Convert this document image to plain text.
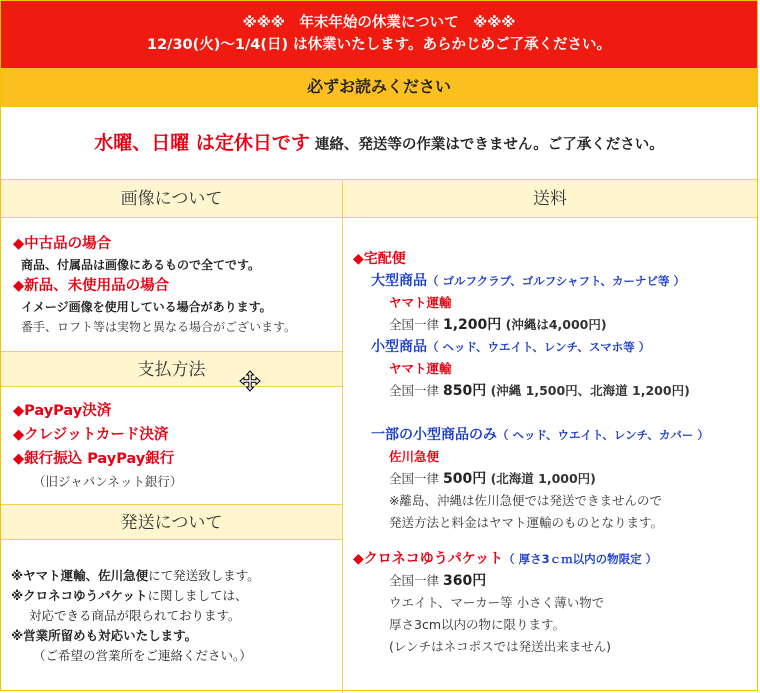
※※※　年末年始の休業について　※※※
12/30(火)～1/4(日) は休業いたします。あらかじめご了承ください。
必ずお読みください
水曜、日曜 は定休日です 連絡、発送等の作業はできません。ご了承ください。
画像について
◆中古品の場合
商品、付属品は画像にあるもので全てです。
◆新品、未使用品の場合
イメージ画像を使用している場合があります。
番手、ロフト等は実物と異なる場合がございます。
支払方法
◆PayPay決済
◆クレジットカード決済
◆銀行振込 PayPay銀行
（旧ジャパンネット銀行）
発送について
※ヤマト運輸、佐川急便にて発送致します。
※クロネコゆうパケットに関しましては、
対応できる商品が限られております。
※営業所留めも対応いたします。
（ご希望の営業所をご連絡ください。）
送料
◆宅配便
大型商品（ ゴルフクラブ、ゴルフシャフト、カーナビ等 ）
ヤマト運輸
全国一律 1,200円 (沖縄は4,000円)
小型商品（ ヘッド、ウエイト、レンチ、スマホ等 ）
ヤマト運輸
全国一律 850円 (沖縄 1,500円、北海道 1,200円)
一部の小型商品のみ（ ヘッド、ウエイト、レンチ、カバー ）
佐川急便
全国一律 500円 (北海道 1,000円)
※離島、沖縄は佐川急便では発送できませんので
発送方法と料金はヤマト運輸のものとなります。
◆クロネコゆうパケット（ 厚さ3ｃｍ以内の物限定 ）
全国一律 360円
ウエイト、マーカー等 小さく薄い物で
厚さ3cm以内の物に限ります。
(レンチはネコポスでは発送出来ません)
